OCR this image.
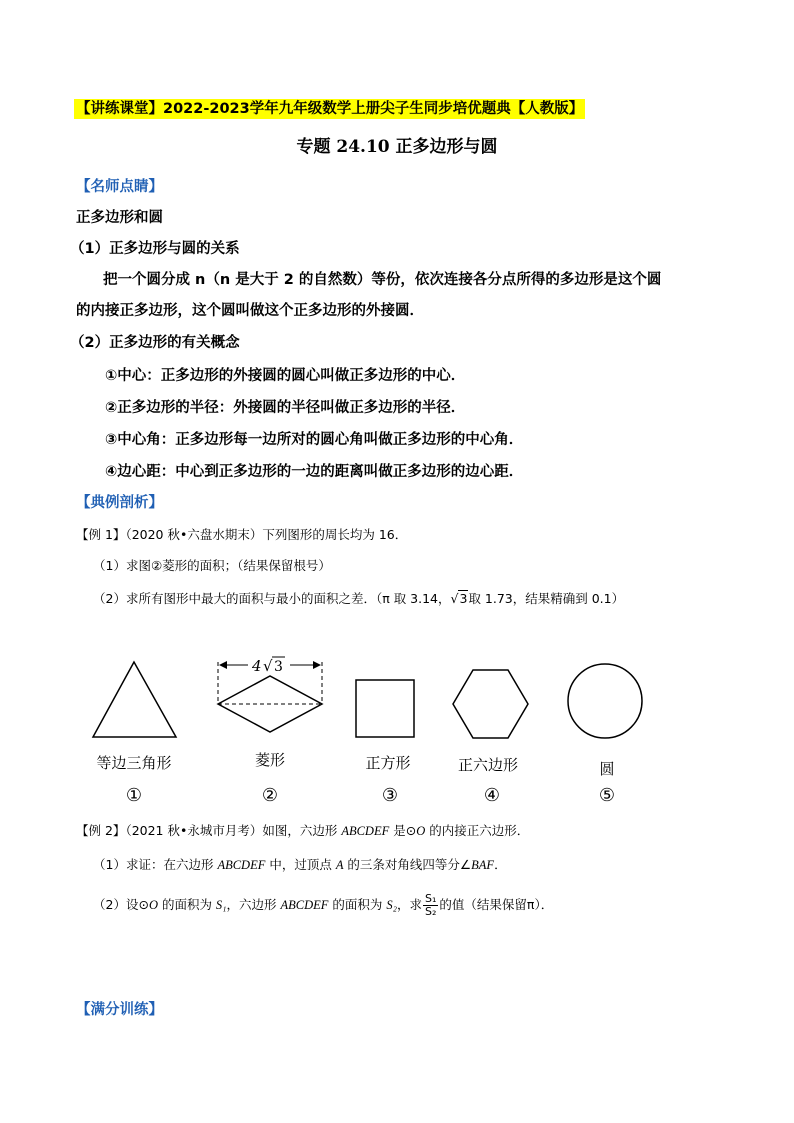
【讲练课堂】2022-2023学年九年级数学上册尖子生同步培优题典【人教版】
专题 24.10 正多边形与圆
【名师点睛】
正多边形和圆
（1）正多边形与圆的关系
把一个圆分成 n（n 是大于 2 的自然数）等份，依次连接各分点所得的多边形是这个圆
的内接正多边形，这个圆叫做这个正多边形的外接圆．
（2）正多边形的有关概念
①中心：正多边形的外接圆的圆心叫做正多边形的中心．
②正多边形的半径：外接圆的半径叫做正多边形的半径．
③中心角：正多边形每一边所对的圆心角叫做正多边形的中心角．
④边心距：中心到正多边形的一边的距离叫做正多边形的边心距．
【典例剖析】
【例 1】（2020 秋•六盘水期末）下列图形的周长均为 16．
（1）求图②菱形的面积；（结果保留根号）
（2）求所有图形中最大的面积与最小的面积之差．（π 取 3.14，√3取 1.73，结果精确到 0.1）
4 √ 3
等边三角形	菱形	正方形	正六边形	圆
①	②	③	④	⑤
【例 2】（2021 秋•永城市月考）如图，六边形 ABCDEF 是⊙O 的内接正六边形．
（1）求证：在六边形 ABCDEF 中，过顶点 A 的三条对角线四等分∠BAF．
（2）设⊙O 的面积为 S₁，六边形 ABCDEF 的面积为 S₂，求 $\frac{\text{S₁}}{\text{S₂}}$ 的值（结果保留π）．
【满分训练】
